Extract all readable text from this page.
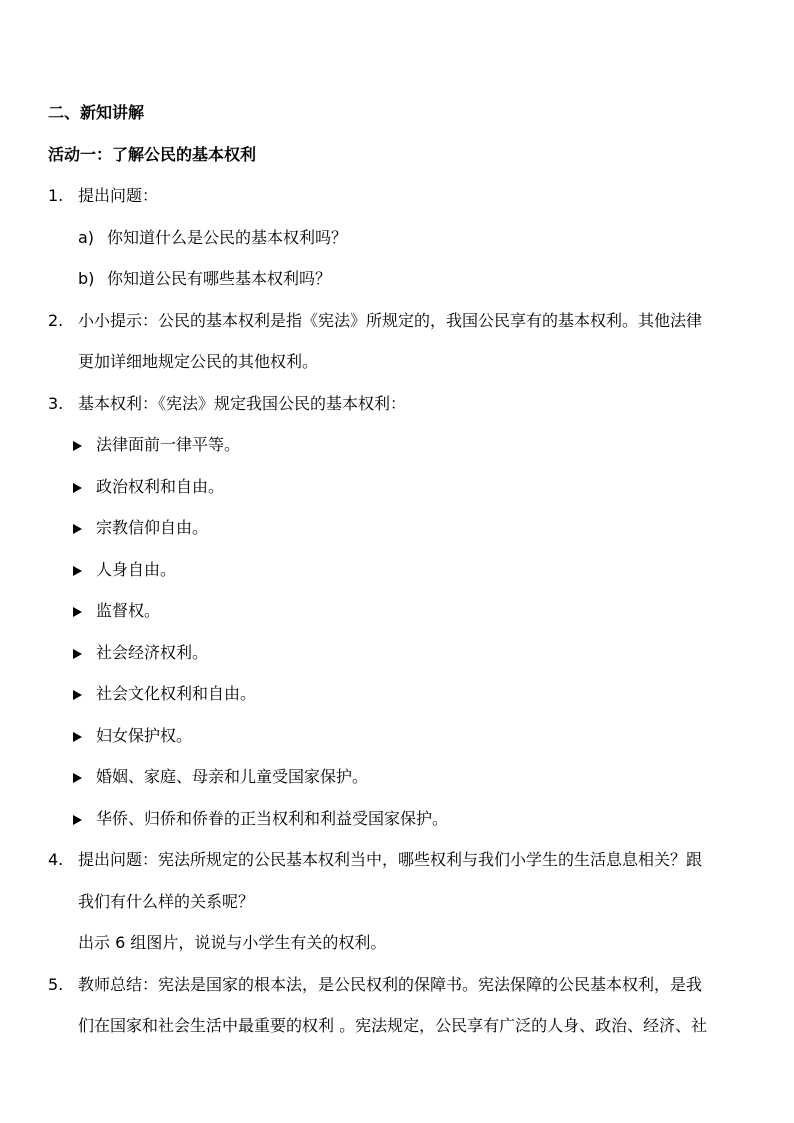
二、新知讲解
活动一：了解公民的基本权利
1. 提出问题：
a) 你知道什么是公民的基本权利吗？
b) 你知道公民有哪些基本权利吗？
2. 小小提示：公民的基本权利是指《宪法》所规定的，我国公民享有的基本权利。其他法律
更加详细地规定公民的其他权利。
3. 基本权利：《宪法》规定我国公民的基本权利：
法律面前一律平等。
政治权利和自由。
宗教信仰自由。
人身自由。
监督权。
社会经济权利。
社会文化权利和自由。
妇女保护权。
婚姻、家庭、母亲和儿童受国家保护。
华侨、归侨和侨眷的正当权利和利益受国家保护。
4. 提出问题：宪法所规定的公民基本权利当中，哪些权利与我们小学生的生活息息相关？跟
我们有什么样的关系呢？
出示 6 组图片，说说与小学生有关的权利。
5. 教师总结：宪法是国家的根本法，是公民权利的保障书。宪法保障的公民基本权利，是我
们在国家和社会生活中最重要的权利 。宪法规定，公民享有广泛的人身、政治、经济、社
